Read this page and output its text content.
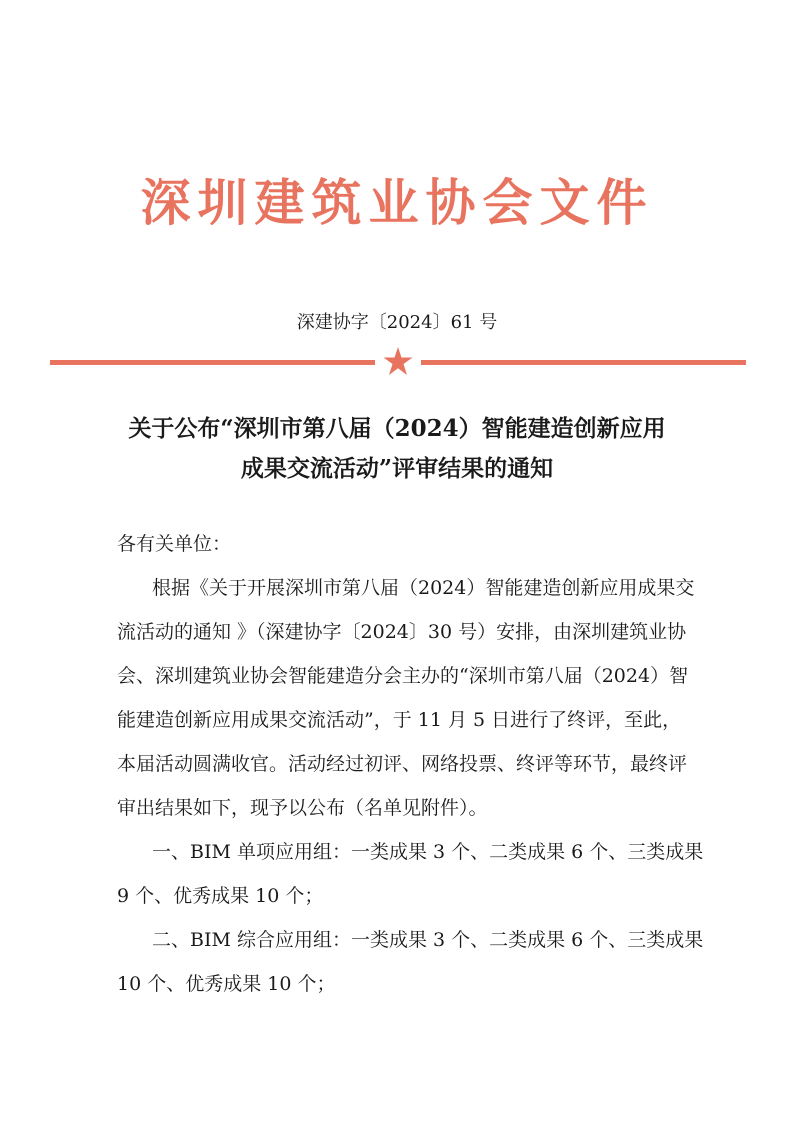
深圳建筑业协会文件
深建协字〔2024〕61 号
关于公布“深圳市第八届（2024）智能建造创新应用
成果交流活动”评审结果的通知
各有关单位：
根据《关于开展深圳市第八届（2024）智能建造创新应用成果交
流活动的通知 》（深建协字〔2024〕30 号）安排，由深圳建筑业协
会、深圳建筑业协会智能建造分会主办的“深圳市第八届（2024）智
能建造创新应用成果交流活动”，于 11 月 5 日进行了终评，至此，
本届活动圆满收官。活动经过初评、网络投票、终评等环节，最终评
审出结果如下，现予以公布（名单见附件）。
一、BIM 单项应用组：一类成果 3 个、二类成果 6 个、三类成果
9 个、优秀成果 10 个；
二、BIM 综合应用组：一类成果 3 个、二类成果 6 个、三类成果
10 个、优秀成果 10 个；
